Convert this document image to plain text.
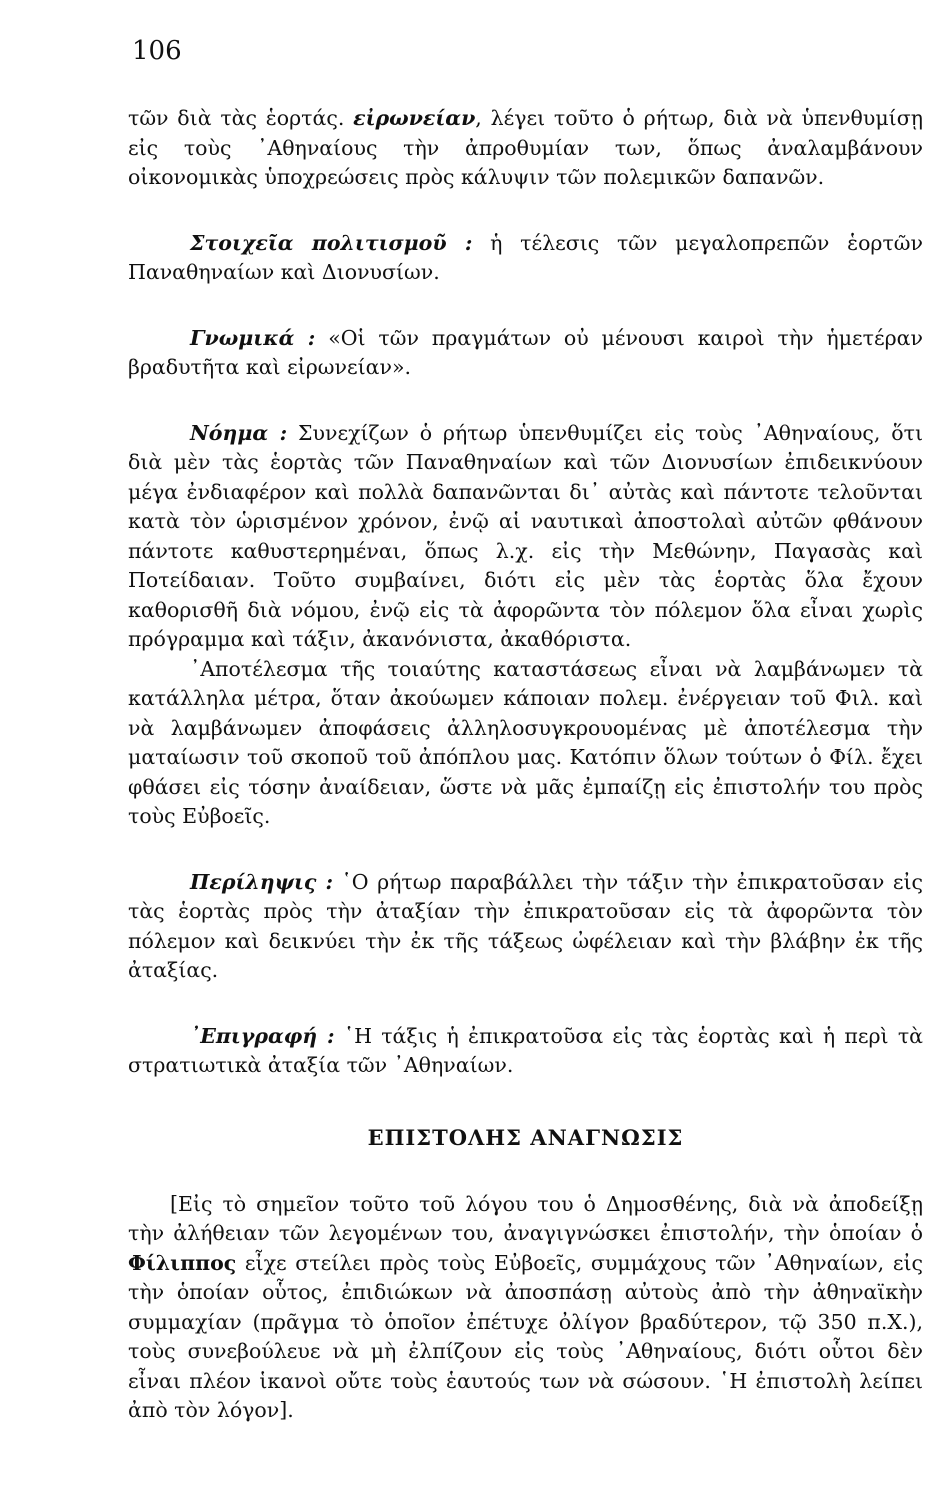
106

τῶν διὰ τὰς ἑορτάς. εἰρωνείαν, λέγει τοῦτο ὁ ρήτωρ, διὰ νὰ ὑπενθυμίσῃ εἰς τοὺς ᾽Αθηναίους τὴν ἀπροθυμίαν των, ὅπως ἀναλαμβάνουν οἰκονομικὰς ὑποχρεώσεις πρὸς κάλυψιν τῶν πολεμικῶν δαπανῶν.

Στοιχεῖα πολιτισμοῦ : ἡ τέλεσις τῶν μεγαλοπρεπῶν ἑορτῶν Παναθηναίων καὶ Διονυσίων.

Γνωμικά : «Οἱ τῶν πραγμάτων οὐ μένουσι καιροὶ τὴν ἡμετέραν βραδυτῆτα καὶ εἰρωνείαν».

Νόημα : Συνεχίζων ὁ ρήτωρ ὑπενθυμίζει εἰς τοὺς ᾽Αθηναίους, ὅτι διὰ μὲν τὰς ἑορτὰς τῶν Παναθηναίων καὶ τῶν Διονυσίων ἐπιδεικνύουν μέγα ἐνδιαφέρον καὶ πολλὰ δαπανῶνται δι᾽ αὐτὰς καὶ πάντοτε τελοῦνται κατὰ τὸν ὡρισμένον χρόνον, ἐνῷ αἱ ναυτικαὶ ἀποστολαὶ αὐτῶν φθάνουν πάντοτε καθυστερημέναι, ὅπως λ.χ. εἰς τὴν Μεθώνην, Παγασὰς καὶ Ποτείδαιαν. Τοῦτο συμβαίνει, διότι εἰς μὲν τὰς ἑορτὰς ὅλα ἔχουν καθορισθῆ διὰ νόμου, ἐνῷ εἰς τὰ ἀφορῶντα τὸν πόλεμον ὅλα εἶναι χωρὶς πρόγραμμα καὶ τάξιν, ἀκανόνιστα, ἀκαθόριστα.

᾽Αποτέλεσμα τῆς τοιαύτης καταστάσεως εἶναι νὰ λαμβάνωμεν τὰ κατάλληλα μέτρα, ὅταν ἀκούωμεν κάποιαν πολεμ. ἐνέργειαν τοῦ Φιλ. καὶ νὰ λαμβάνωμεν ἀποφάσεις ἀλληλοσυγκρουομένας μὲ ἀποτέλεσμα τὴν ματαίωσιν τοῦ σκοποῦ τοῦ ἀπόπλου μας. Κατόπιν ὅλων τούτων ὁ Φίλ. ἔχει φθάσει εἰς τόσην ἀναίδειαν, ὥστε νὰ μᾶς ἐμπαίζῃ εἰς ἐπιστολήν του πρὸς τοὺς Εὐβοεῖς.

Περίληψις : ῾Ο ρήτωρ παραβάλλει τὴν τάξιν τὴν ἐπικρατοῦσαν εἰς τὰς ἑορτὰς πρὸς τὴν ἀταξίαν τὴν ἐπικρατοῦσαν εἰς τὰ ἀφορῶντα τὸν πόλεμον καὶ δεικνύει τὴν ἐκ τῆς τάξεως ὠφέλειαν καὶ τὴν βλάβην ἐκ τῆς ἀταξίας.

᾽Επιγραφή : ῾Η τάξις ἡ ἐπικρατοῦσα εἰς τὰς ἑορτὰς καὶ ἡ περὶ τὰ στρατιωτικὰ ἀταξία τῶν ᾽Αθηναίων.

ΕΠΙΣΤΟΛΗΣ ΑΝΑΓΝΩΣΙΣ

[Εἰς τὸ σημεῖον τοῦτο τοῦ λόγου του ὁ Δημοσθένης, διὰ νὰ ἀποδείξῃ τὴν ἀλήθειαν τῶν λεγομένων του, ἀναγιγνώσκει ἐπιστολήν, τὴν ὁποίαν ὁ Φίλιππος εἶχε στείλει πρὸς τοὺς Εὐβοεῖς, συμμάχους τῶν ᾽Αθηναίων, εἰς τὴν ὁποίαν οὗτος, ἐπιδιώκων νὰ ἀποσπάσῃ αὐτοὺς ἀπὸ τὴν ἀθηναϊκὴν συμμαχίαν (πρᾶγμα τὸ ὁποῖον ἐπέτυχε ὀλίγον βραδύτερον, τῷ 350 π.Χ.), τοὺς συνεβούλευε νὰ μὴ ἐλπίζουν εἰς τοὺς ᾽Αθηναίους, διότι οὗτοι δὲν εἶναι πλέον ἱκανοὶ οὔτε τοὺς ἑαυτούς των νὰ σώσουν. ῾Η ἐπιστολὴ λείπει ἀπὸ τὸν λόγον].
